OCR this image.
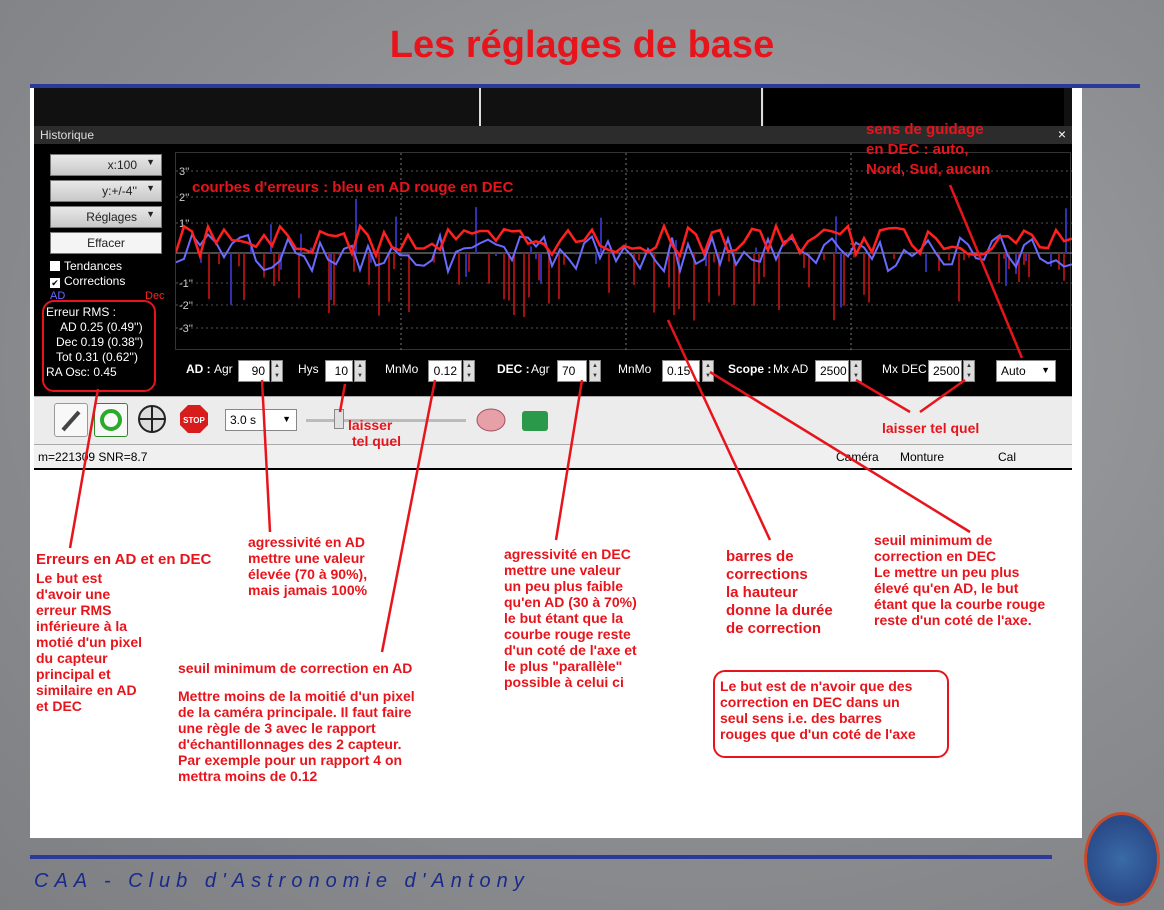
Les réglages de base
Historique	×
x:100 ▼
y:+/-4'' ▼
Réglages ▼
Effacer
Tendances
✔ Corrections
AD	Dec
Erreur RMS :
AD 0.25 (0.49'')
Dec 0.19 (0.38'')
Tot 0.31 (0.62'')
RA Osc: 0.45
3''
2''
1''
-1''
-2''
-3''
AD : Agr	90	▲
▼ Hys	10	▲
▼ MnMo	0.12	▲
▼ DEC : Agr	70	▲
▼ MnMo	0.15	▲
▼ Scope : Mx AD 2500	▲
▼ Mx DEC 2500	▲
▼	Auto ▼
STOP	3.0 s	▼
m=221309 SNR=8.7	Caméra Monture	Cal
courbes d'erreurs : bleu en AD rouge en DEC
sens de guidage
en DEC : auto,
Nord, Sud, aucun
laisser
tel quel
laisser tel quel
Erreurs en AD et en DEC
Le but est
d'avoir une
erreur RMS
inférieure à la
motié d'un pixel
du capteur
principal et
similaire en AD
et DEC
agressivité en AD
mettre une valeur
élevée (70 à 90%),
mais jamais 100%
seuil minimum de correction en AD
Mettre moins de la moitié d'un pixel
de la caméra principale. Il faut faire
une règle de 3 avec le rapport
d'échantillonnages des 2 capteur.
Par exemple pour un rapport 4 on
mettra moins de 0.12
agressivité en DEC
mettre une valeur
un peu plus faible
qu'en AD (30 à 70%)
le but étant que la
courbe rouge reste
d'un coté de l'axe et
le plus "parallèle"
possible à celui ci
barres de
corrections
la hauteur
donne la durée
de correction
seuil minimum de
correction en DEC
Le mettre un peu plus
élevé qu'en AD, le but
étant que la courbe rouge
reste d'un coté de l'axe.
Le but est de n'avoir que des
correction en DEC dans un
seul sens i.e. des barres
rouges que d'un coté de l'axe
CAA - Club d'Astronomie d'Antony
